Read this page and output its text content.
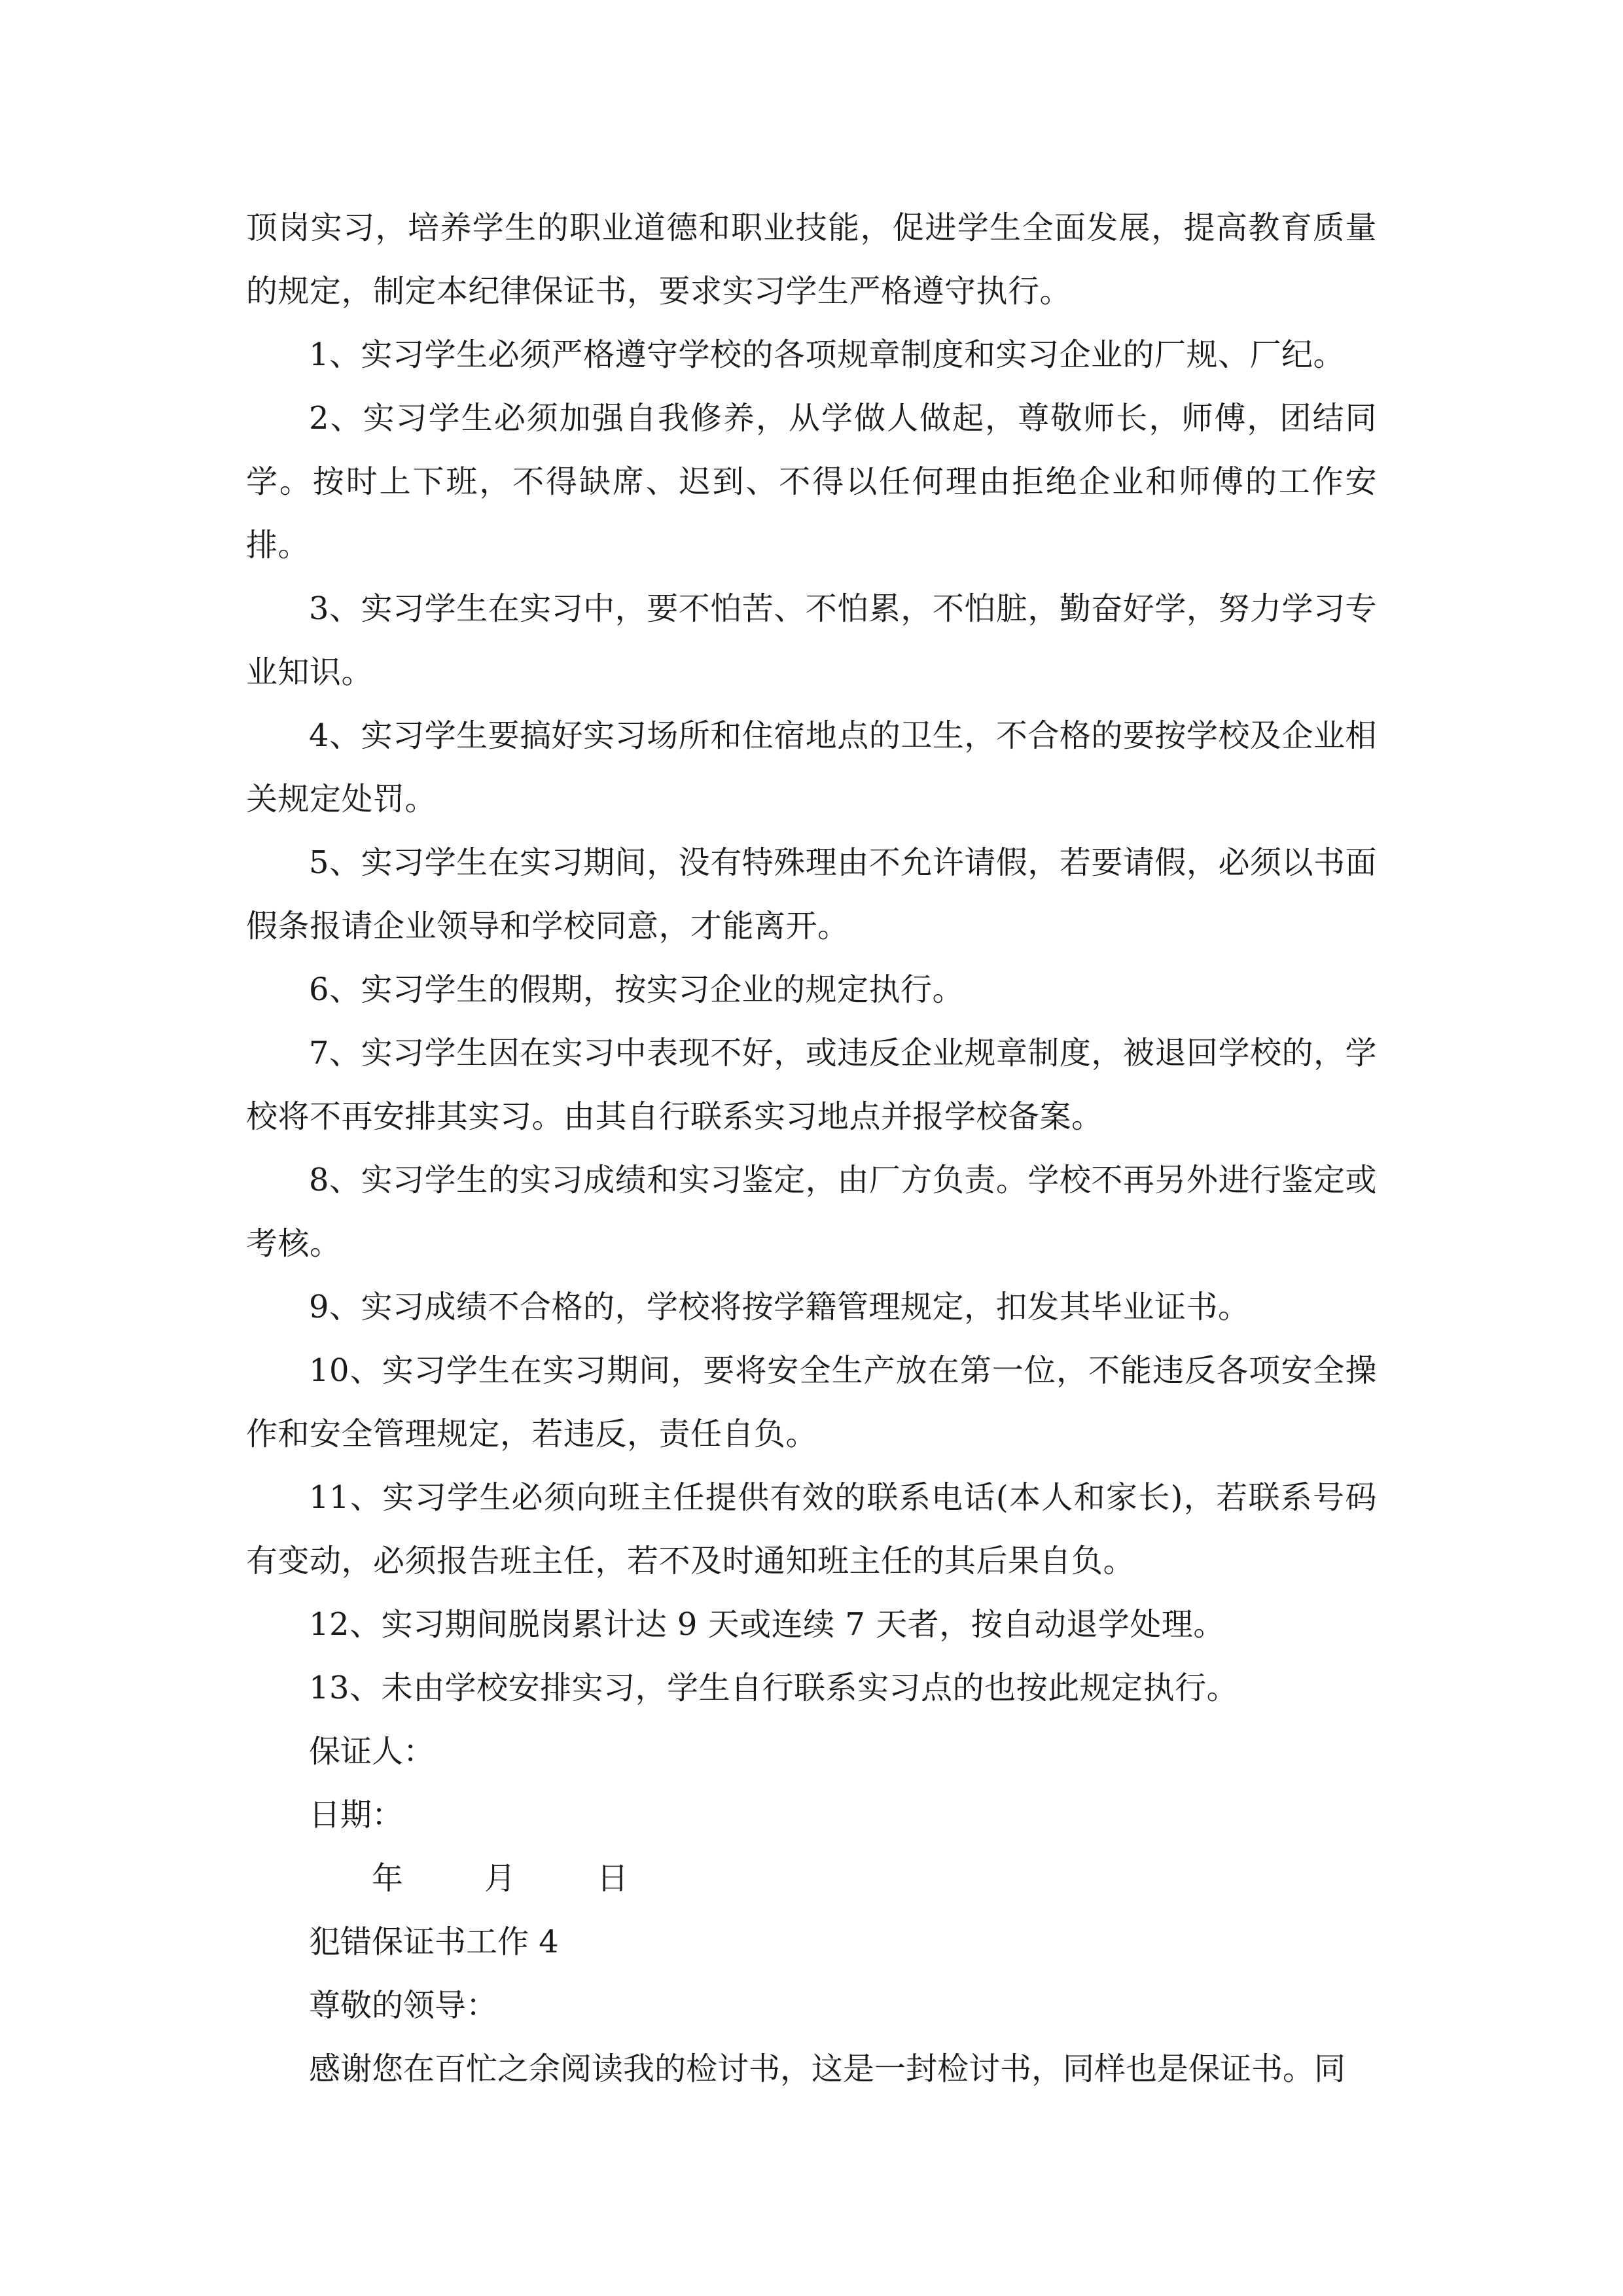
顶岗实习，培养学生的职业道德和职业技能，促进学生全面发展，提高教育质量的规定，制定本纪律保证书，要求实习学生严格遵守执行。

1、实习学生必须严格遵守学校的各项规章制度和实习企业的厂规、厂纪。

2、实习学生必须加强自我修养，从学做人做起，尊敬师长，师傅，团结同学。按时上下班，不得缺席、迟到、不得以任何理由拒绝企业和师傅的工作安排。

3、实习学生在实习中，要不怕苦、不怕累，不怕脏，勤奋好学，努力学习专业知识。

4、实习学生要搞好实习场所和住宿地点的卫生，不合格的要按学校及企业相关规定处罚。

5、实习学生在实习期间，没有特殊理由不允许请假，若要请假，必须以书面假条报请企业领导和学校同意，才能离开。

6、实习学生的假期，按实习企业的规定执行。

7、实习学生因在实习中表现不好，或违反企业规章制度，被退回学校的，学校将不再安排其实习。由其自行联系实习地点并报学校备案。

8、实习学生的实习成绩和实习鉴定，由厂方负责。学校不再另外进行鉴定或考核。

9、实习成绩不合格的，学校将按学籍管理规定，扣发其毕业证书。

10、实习学生在实习期间，要将安全生产放在第一位，不能违反各项安全操作和安全管理规定，若违反，责任自负。

11、实习学生必须向班主任提供有效的联系电话(本人和家长)，若联系号码有变动，必须报告班主任，若不及时通知班主任的其后果自负。

12、实习期间脱岗累计达 9 天或连续 7 天者，按自动退学处理。

13、未由学校安排实习，学生自行联系实习点的也按此规定执行。

保证人：
日期：
年	月	日
犯错保证书工作 4
尊敬的领导：
感谢您在百忙之余阅读我的检讨书，这是一封检讨书，同样也是保证书。同
